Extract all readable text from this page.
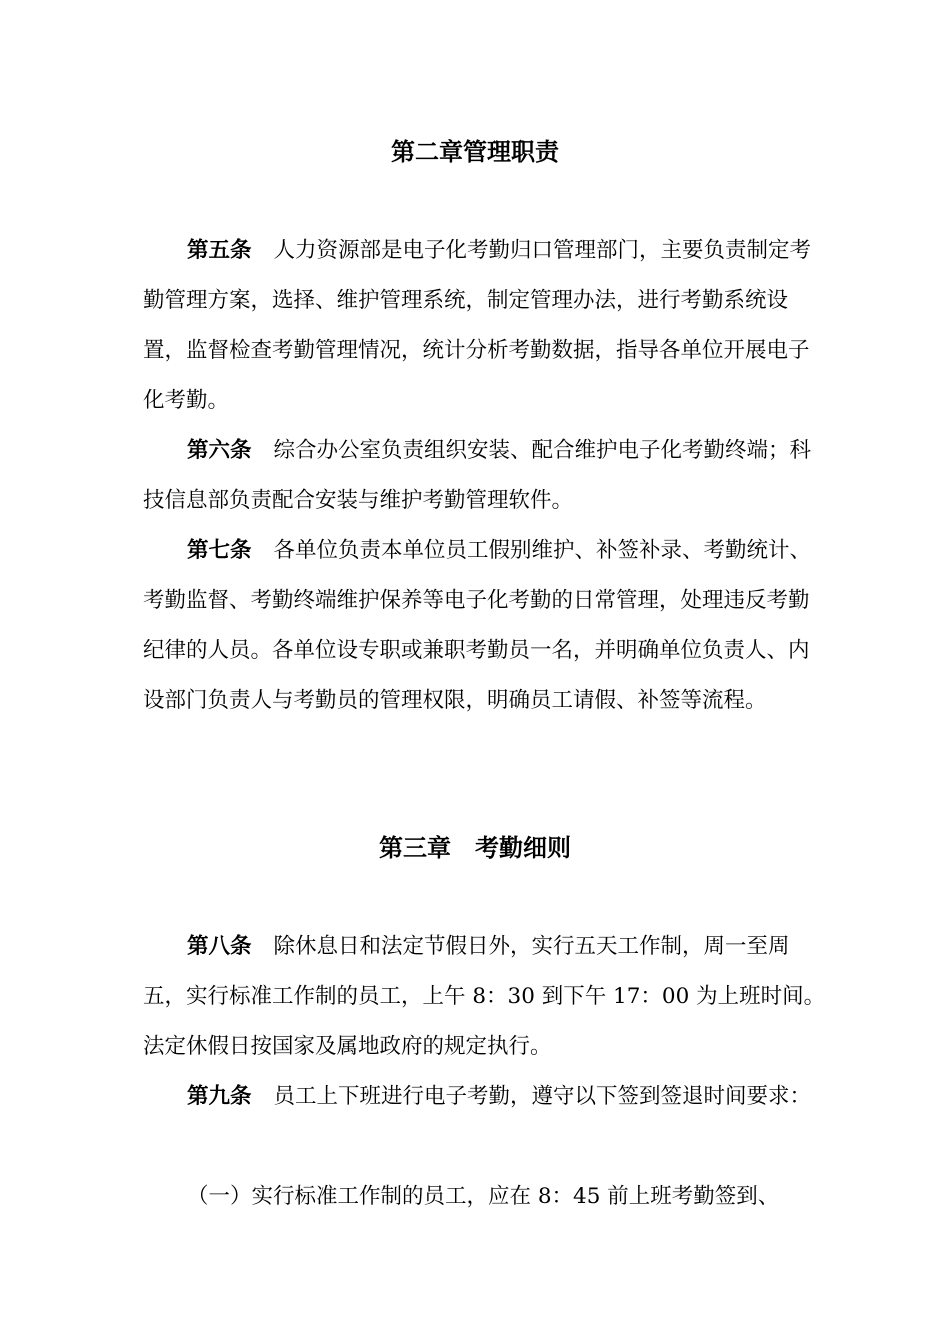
第二章管理职责

第五条 人力资源部是电子化考勤归口管理部门，主要负责制定考勤管理方案，选择、维护管理系统，制定管理办法，进行考勤系统设置，监督检查考勤管理情况，统计分析考勤数据，指导各单位开展电子化考勤。

第六条 综合办公室负责组织安装、配合维护电子化考勤终端；科技信息部负责配合安装与维护考勤管理软件。

第七条 各单位负责本单位员工假别维护、补签补录、考勤统计、考勤监督、考勤终端维护保养等电子化考勤的日常管理，处理违反考勤纪律的人员。各单位设专职或兼职考勤员一名，并明确单位负责人、内设部门负责人与考勤员的管理权限，明确员工请假、补签等流程。

第三章　考勤细则

第八条 除休息日和法定节假日外，实行五天工作制，周一至周五，实行标准工作制的员工，上午 8：30 到下午 17：00 为上班时间。法定休假日按国家及属地政府的规定执行。

第九条 员工上下班进行电子考勤，遵守以下签到签退时间要求：

（一）实行标准工作制的员工，应在 8：45 前上班考勤签到、
